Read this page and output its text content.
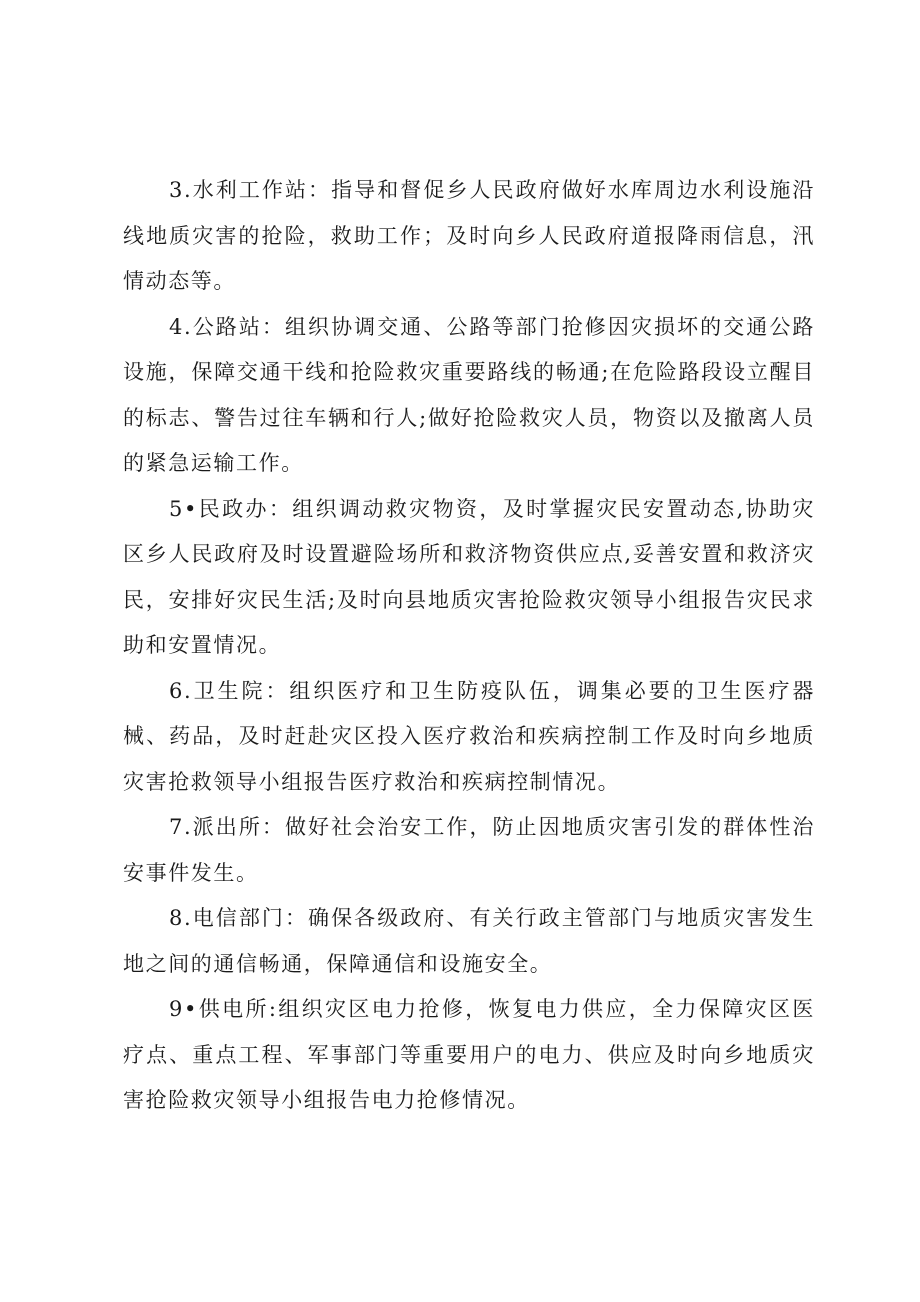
3.水利工作站：指导和督促乡人民政府做好水库周边水利设施沿线地质灾害的抢险，救助工作；及时向乡人民政府道报降雨信息，汛情动态等。

4.公路站：组织协调交通、公路等部门抢修因灾损坏的交通公路设施，保障交通干线和抢险救灾重要路线的畅通;在危险路段设立醒目的标志、警告过往车辆和行人;做好抢险救灾人员，物资以及撤离人员的紧急运输工作。

5•民政办：组织调动救灾物资，及时掌握灾民安置动态,协助灾区乡人民政府及时设置避险场所和救济物资供应点,妥善安置和救济灾民，安排好灾民生活;及时向县地质灾害抢险救灾领导小组报告灾民求助和安置情况。

6.卫生院：组织医疗和卫生防疫队伍，调集必要的卫生医疗器械、药品，及时赶赴灾区投入医疗救治和疾病控制工作及时向乡地质灾害抢救领导小组报告医疗救治和疾病控制情况。

7.派出所：做好社会治安工作，防止因地质灾害引发的群体性治安事件发生。

8.电信部门：确保各级政府、有关行政主管部门与地质灾害发生地之间的通信畅通，保障通信和设施安全。

9•供电所:组织灾区电力抢修，恢复电力供应，全力保障灾区医疗点、重点工程、军事部门等重要用户的电力、供应及时向乡地质灾害抢险救灾领导小组报告电力抢修情况。
